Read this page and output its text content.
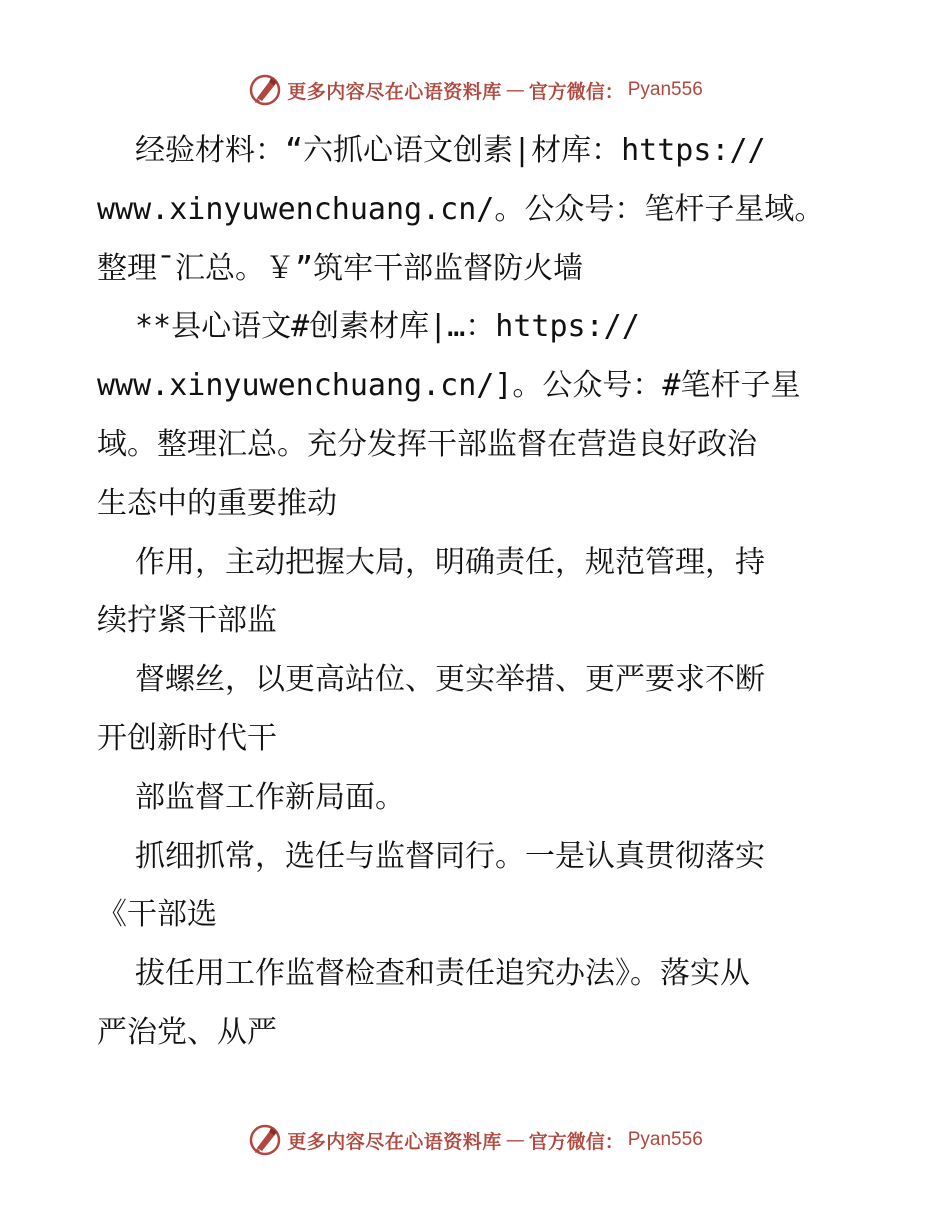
更多内容尽在心语资料库 — 官方微信： Pyan556
经验材料：“六抓心语文创素|材库：https://
www.xinyuwenchuang.cn/。公众号：笔杆子星域。
整理¯汇总。￥”筑牢干部监督防火墙
**县心语文#创素材库|…：https://
www.xinyuwenchuang.cn/]。公众号：#笔杆子星
域。整理汇总。充分发挥干部监督在营造良好政治
生态中的重要推动
作用，主动把握大局，明确责任，规范管理，持
续拧紧干部监
督螺丝，以更高站位、更实举措、更严要求不断
开创新时代干
部监督工作新局面。
抓细抓常，选任与监督同行。一是认真贯彻落实
《干部选
拔任用工作监督检查和责任追究办法》。落实从
严治党、从严
更多内容尽在心语资料库 — 官方微信： Pyan556
